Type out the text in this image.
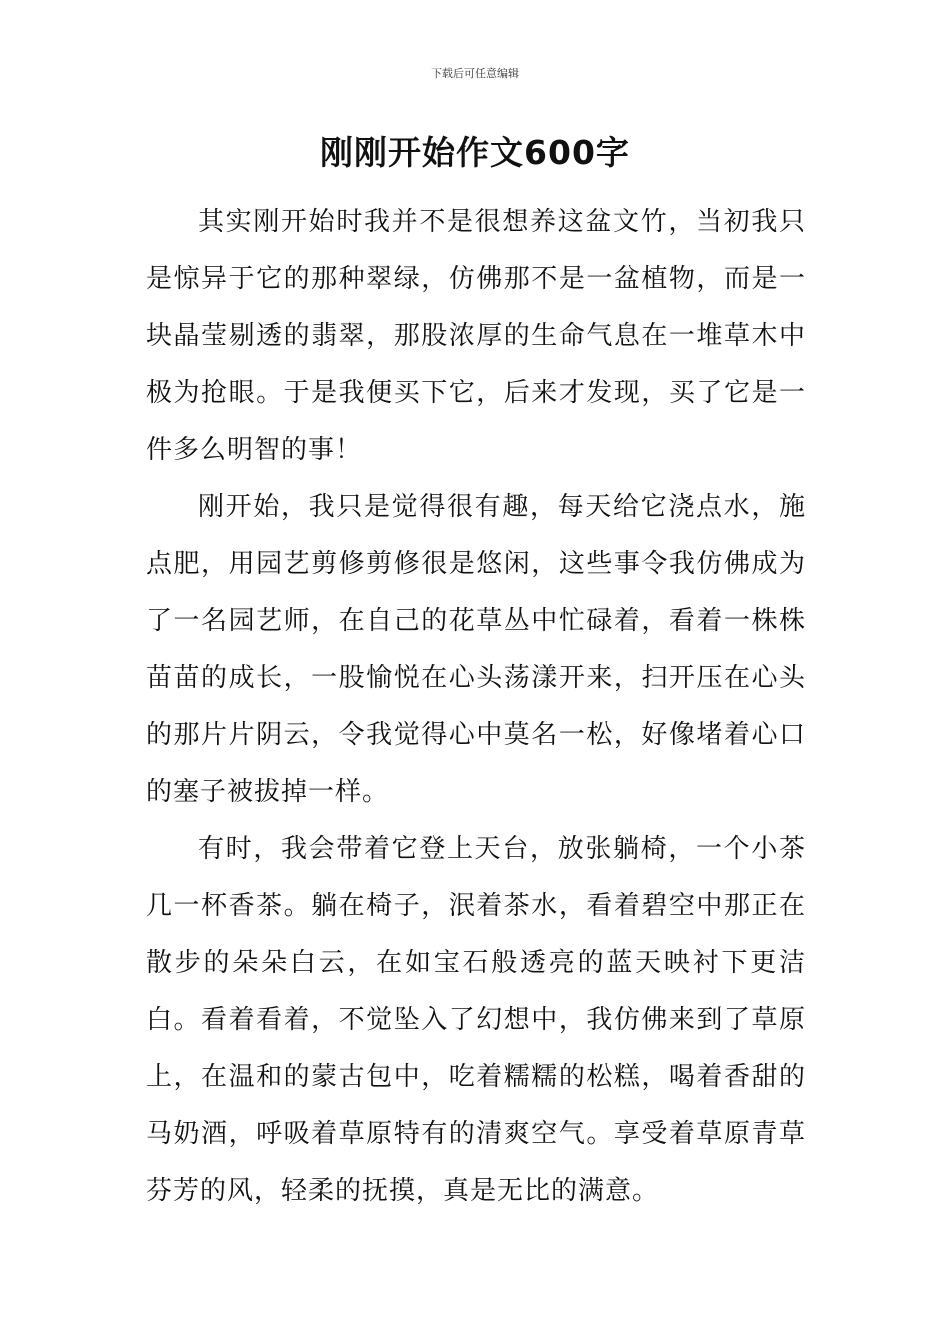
下载后可任意编辑
刚刚开始作文600字

其实刚开始时我并不是很想养这盆文竹，当初我只是惊异于它的那种翠绿，仿佛那不是一盆植物，而是一块晶莹剔透的翡翠，那股浓厚的生命气息在一堆草木中极为抢眼。于是我便买下它，后来才发现，买了它是一件多么明智的事！

刚开始，我只是觉得很有趣，每天给它浇点水，施点肥，用园艺剪修剪修很是悠闲，这些事令我仿佛成为了一名园艺师，在自己的花草丛中忙碌着，看着一株株苗苗的成长，一股愉悦在心头荡漾开来，扫开压在心头的那片片阴云，令我觉得心中莫名一松，好像堵着心口的塞子被拔掉一样。

有时，我会带着它登上天台，放张躺椅，一个小茶几一杯香茶。躺在椅子，泯着茶水，看着碧空中那正在散步的朵朵白云，在如宝石般透亮的蓝天映衬下更洁白。看着看着，不觉坠入了幻想中，我仿佛来到了草原上，在温和的蒙古包中，吃着糯糯的松糕，喝着香甜的马奶酒，呼吸着草原特有的清爽空气。享受着草原青草芬芳的风，轻柔的抚摸，真是无比的满意。
